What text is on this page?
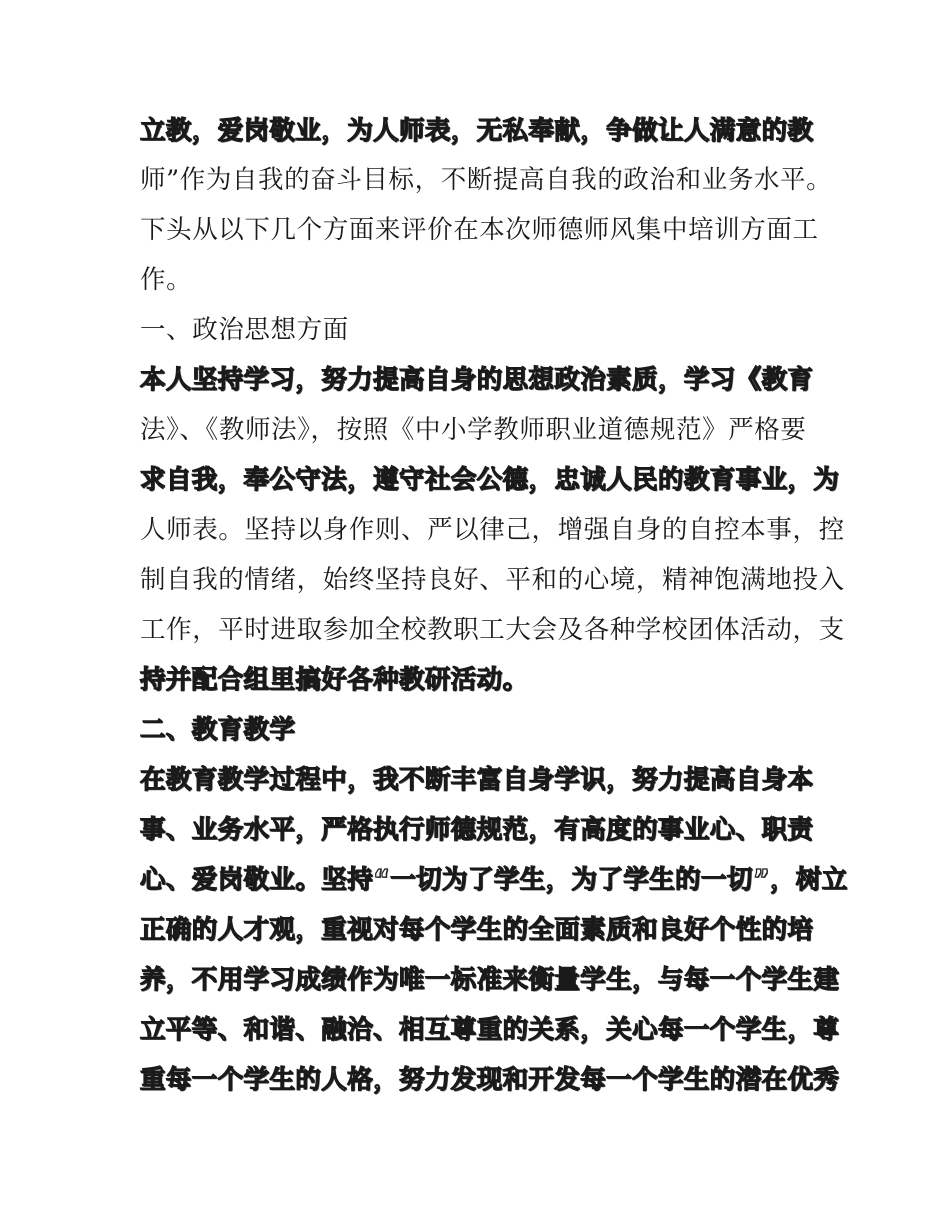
立教，爱岗敬业，为人师表，无私奉献，争做让人满意的教
师”作为自我的奋斗目标，不断提高自我的政治和业务水平。
下头从以下几个方面来评价在本次师德师风集中培训方面工
作。
一、政治思想方面
本人坚持学习，努力提高自身的思想政治素质，学习《教育
法》、《教师法》，按照《中小学教师职业道德规范》严格要
求自我，奉公守法，遵守社会公德，忠诚人民的教育事业，为
人师表。坚持以身作则、严以律己，增强自身的自控本事，控
制自我的情绪，始终坚持良好、平和的心境，精神饱满地投入
工作，平时进取参加全校教职工大会及各种学校团体活动，支
持并配合组里搞好各种教研活动。
二、教育教学
在教育教学过程中，我不断丰富自身学识，努力提高自身本
事、业务水平，严格执行师德规范，有高度的事业心、职责
心、爱岗敬业。坚持“一切为了学生，为了学生的一切”，树立
正确的人才观，重视对每个学生的全面素质和良好个性的培
养，不用学习成绩作为唯一标准来衡量学生，与每一个学生建
立平等、和谐、融洽、相互尊重的关系，关心每一个学生，尊
重每一个学生的人格，努力发现和开发每一个学生的潜在优秀
